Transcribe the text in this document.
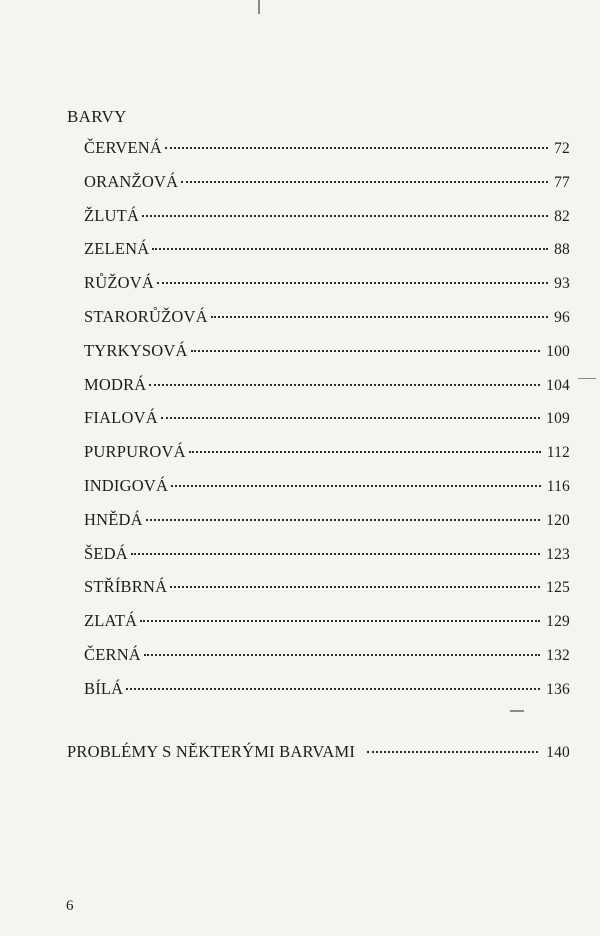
BARVY
ČERVENÁ	72
ORANŽOVÁ	77
ŽLUTÁ	82
ZELENÁ	88
RŮŽOVÁ	93
STARORŮŽOVÁ	96
TYRKYSOVÁ	100
MODRÁ	104
FIALOVÁ	109
PURPUROVÁ	112
INDIGOVÁ	116
HNĚDÁ	120
ŠEDÁ	123
STŘÍBRNÁ	125
ZLATÁ	129
ČERNÁ	132
BÍLÁ	136
PROBLÉMY S NĚKTERÝMI BARVAMI	140
6
